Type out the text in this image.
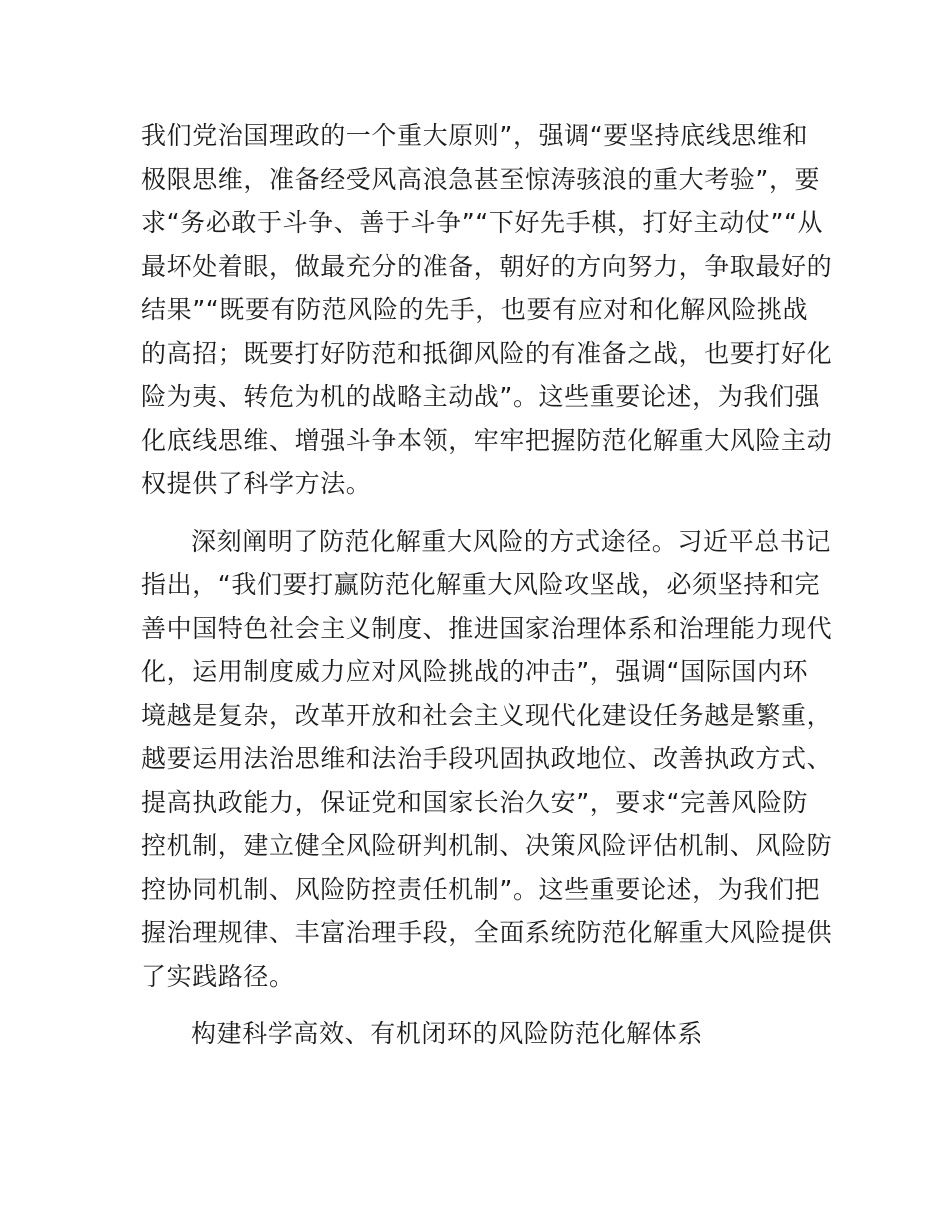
我们党治国理政的一个重大原则”，强调“要坚持底线思维和
极限思维，准备经受风高浪急甚至惊涛骇浪的重大考验”，要
求“务必敢于斗争、善于斗争”“下好先手棋，打好主动仗”“从
最坏处着眼，做最充分的准备，朝好的方向努力，争取最好的
结果”“既要有防范风险的先手，也要有应对和化解风险挑战
的高招；既要打好防范和抵御风险的有准备之战，也要打好化
险为夷、转危为机的战略主动战”。这些重要论述，为我们强
化底线思维、增强斗争本领，牢牢把握防范化解重大风险主动
权提供了科学方法。
深刻阐明了防范化解重大风险的方式途径。习近平总书记
指出，“我们要打赢防范化解重大风险攻坚战，必须坚持和完
善中国特色社会主义制度、推进国家治理体系和治理能力现代
化，运用制度威力应对风险挑战的冲击”，强调“国际国内环
境越是复杂，改革开放和社会主义现代化建设任务越是繁重，
越要运用法治思维和法治手段巩固执政地位、改善执政方式、
提高执政能力，保证党和国家长治久安”，要求“完善风险防
控机制，建立健全风险研判机制、决策风险评估机制、风险防
控协同机制、风险防控责任机制”。这些重要论述，为我们把
握治理规律、丰富治理手段，全面系统防范化解重大风险提供
了实践路径。
构建科学高效、有机闭环的风险防范化解体系
